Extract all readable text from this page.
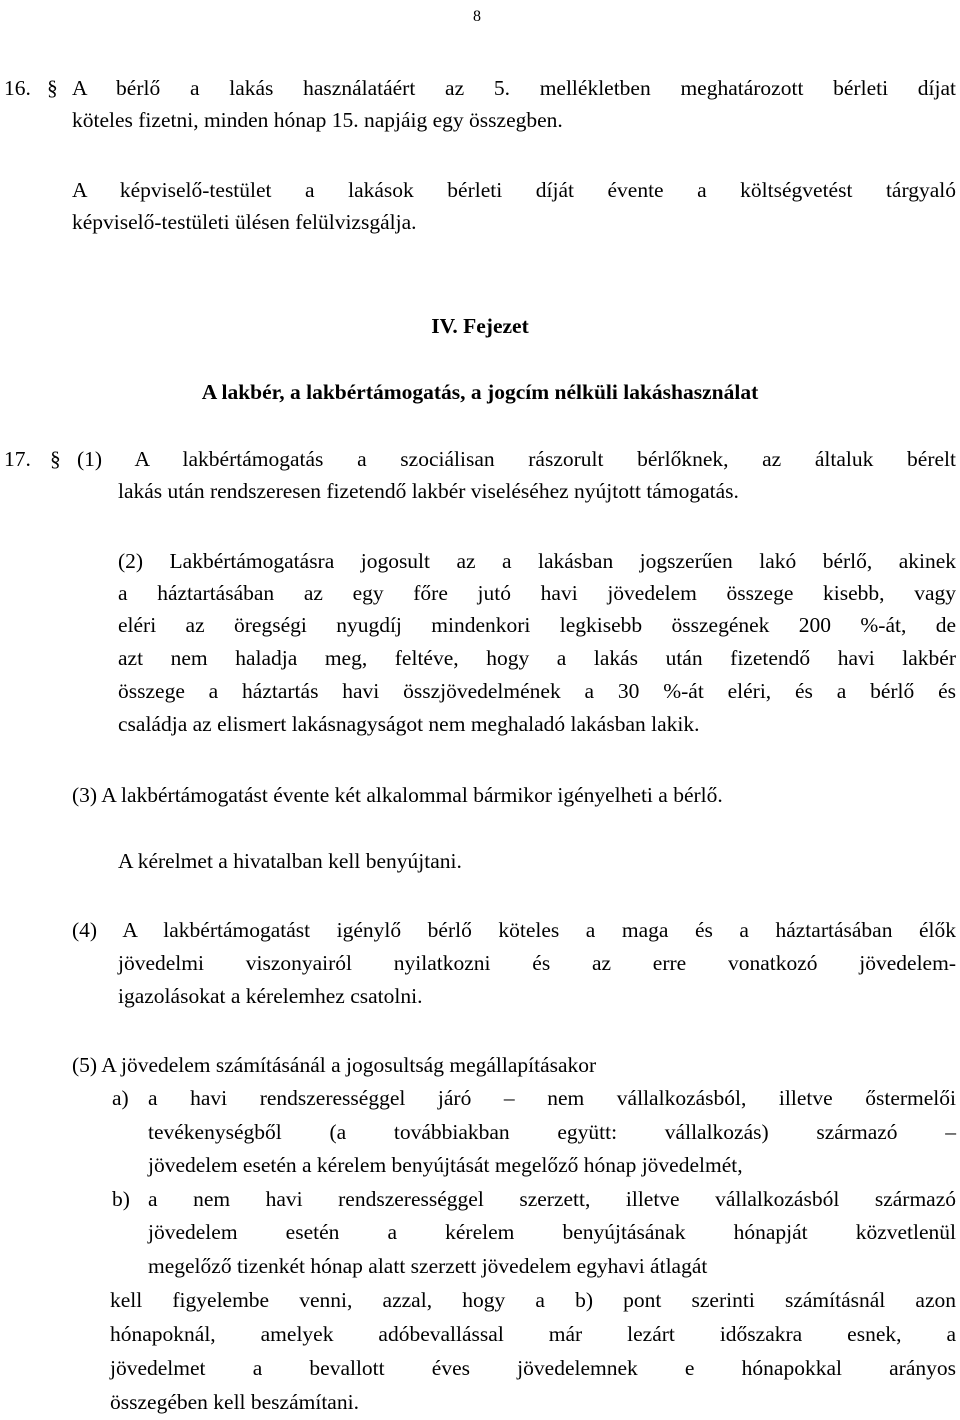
8
16. § A bérlő a lakás használatáért az 5. mellékletben meghatározott bérleti díjat
köteles fizetni, minden hónap 15. napjáig egy összegben.
A képviselő-testület a lakások bérleti díját évente a költségvetést tárgyaló
képviselő-testületi ülésen felülvizsgálja.
IV. Fejezet
A lakbér, a lakbértámogatás, a jogcím nélküli lakáshasználat
17. § (1) A lakbértámogatás a szociálisan rászorult bérlőknek, az általuk bérelt
lakás után rendszeresen fizetendő lakbér viseléséhez nyújtott támogatás.
(2) Lakbértámogatásra jogosult az a lakásban jogszerűen lakó bérlő, akinek
a háztartásában az egy főre jutó havi jövedelem összege kisebb, vagy
eléri az öregségi nyugdíj mindenkori legkisebb összegének 200 %-át, de
azt nem haladja meg, feltéve, hogy a lakás után fizetendő havi lakbér
összege a háztartás havi összjövedelmének a 30 %-át eléri, és a bérlő és
családja az elismert lakásnagyságot nem meghaladó lakásban lakik.
(3) A lakbértámogatást évente két alkalommal bármikor igényelheti a bérlő.
A kérelmet a hivatalban kell benyújtani.
(4) A lakbértámogatást igénylő bérlő köteles a maga és a háztartásában élők
jövedelmi viszonyairól nyilatkozni és az erre vonatkozó jövedelem-
igazolásokat a kérelemhez csatolni.
(5) A jövedelem számításánál a jogosultság megállapításakor
a) a havi rendszerességgel járó – nem vállalkozásból, illetve őstermelői
tevékenységből (a továbbiakban együtt: vállalkozás) származó –
jövedelem esetén a kérelem benyújtását megelőző hónap jövedelmét,
b) a nem havi rendszerességgel szerzett, illetve vállalkozásból származó
jövedelem esetén a kérelem benyújtásának hónapját közvetlenül
megelőző tizenkét hónap alatt szerzett jövedelem egyhavi átlagát
kell figyelembe venni, azzal, hogy a b) pont szerinti számításnál azon
hónapoknál, amelyek adóbevallással már lezárt időszakra esnek, a
jövedelmet a bevallott éves jövedelemnek e hónapokkal arányos
összegében kell beszámítani.
